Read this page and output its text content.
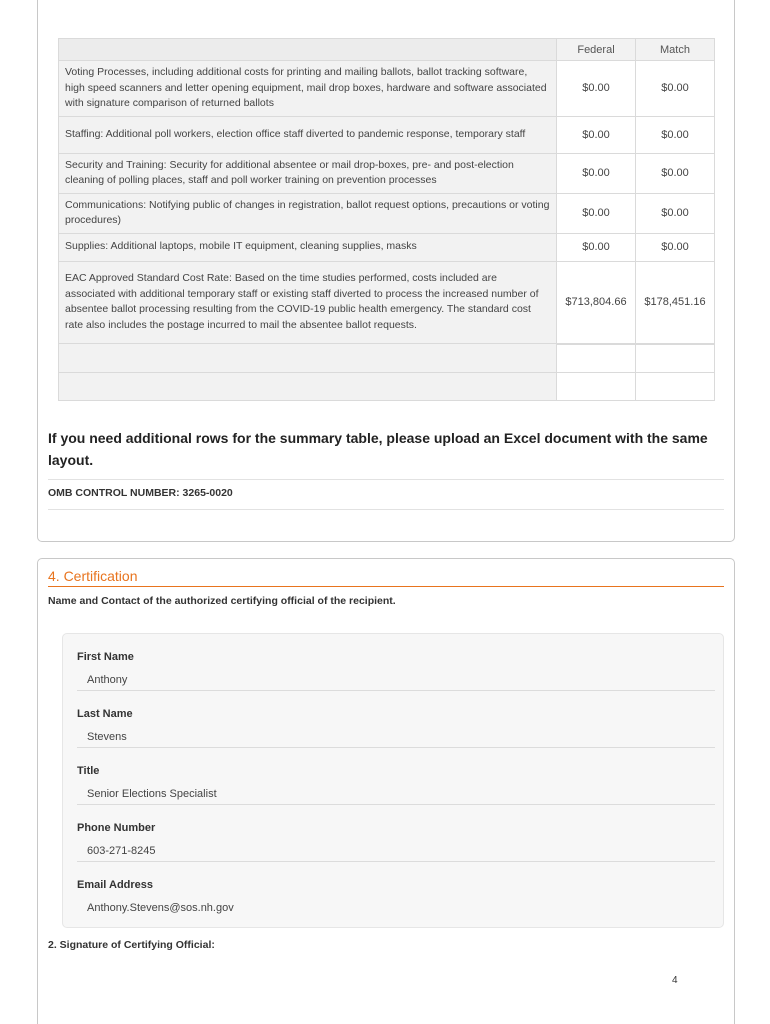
	Federal	Match
Voting Processes, including additional costs for printing and mailing ballots, ballot tracking software, high speed scanners and letter opening equipment, mail drop boxes, hardware and software associated with signature comparison of returned ballots	$0.00	$0.00
Staffing: Additional poll workers, election office staff diverted to pandemic response, temporary staff	$0.00	$0.00
Security and Training: Security for additional absentee or mail drop-boxes, pre- and post-election cleaning of polling places, staff and poll worker training on prevention processes	$0.00	$0.00
Communications: Notifying public of changes in registration, ballot request options, precautions or voting procedures)	$0.00	$0.00
Supplies: Additional laptops, mobile IT equipment, cleaning supplies, masks	$0.00	$0.00
EAC Approved Standard Cost Rate: Based on the time studies performed, costs included are associated with additional temporary staff or existing staff diverted to process the increased number of absentee ballot processing resulting from the COVID-19 public health emergency. The standard cost rate also includes the postage incurred to mail the absentee ballot requests.	$713,804.66	$178,451.16

If you need additional rows for the summary table, please upload an Excel document with the same layout.
OMB CONTROL NUMBER: 3265-0020
4. Certification
Name and Contact of the authorized certifying official of the recipient.
First Name
Anthony
Last Name
Stevens
Title
Senior Elections Specialist
Phone Number
603-271-8245
Email Address
Anthony.Stevens@sos.nh.gov
2. Signature of Certifying Official:
4
